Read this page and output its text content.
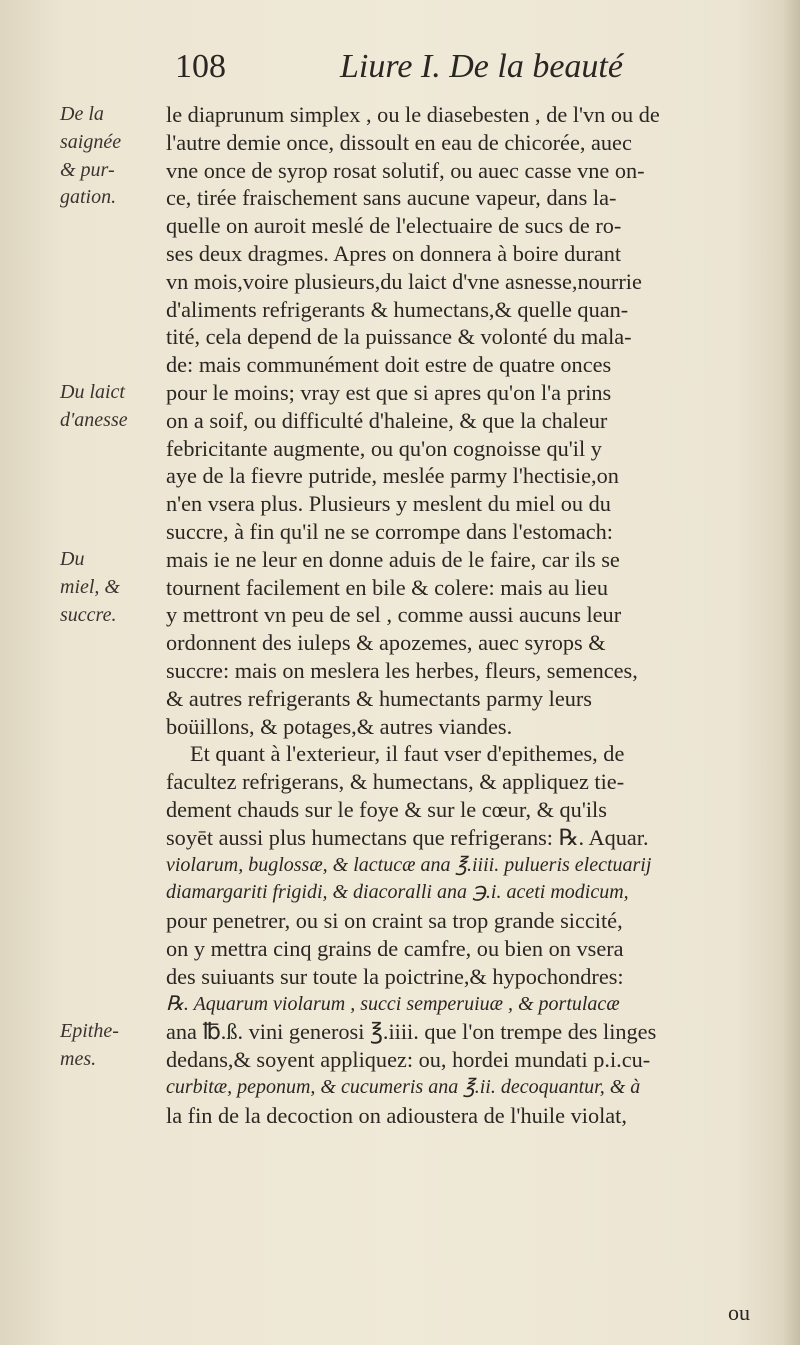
108	Liure I. De la beauté
De la
saignée
& pur-
gation.
Du laict
d'anesse
Du
miel, &
succre.
Epithe-
mes.
le diaprunum simplex , ou le diasebesten , de l'vn ou de
l'autre demie once, dissoult en eau de chicorée, auec
vne once de syrop rosat solutif, ou auec casse vne on-
ce, tirée fraischement sans aucune vapeur, dans la-
quelle on auroit meslé de l'electuaire de sucs de ro-
ses deux dragmes. Apres on donnera à boire durant
vn mois,voire plusieurs,du laict d'vne asnesse,nourrie
d'aliments refrigerants & humectans,& quelle quan-
tité, cela depend de la puissance & volonté du mala-
de: mais communément doit estre de quatre onces
pour le moins; vray est que si apres qu'on l'a prins
on a soif, ou difficulté d'haleine, & que la chaleur
febricitante augmente, ou qu'on cognoisse qu'il y
aye de la fievre putride, meslée parmy l'hectisie,on
n'en vsera plus. Plusieurs y meslent du miel ou du
succre, à fin qu'il ne se corrompe dans l'estomach:
mais ie ne leur en donne aduis de le faire, car ils se
tournent facilement en bile & colere: mais au lieu
y mettront vn peu de sel , comme aussi aucuns leur
ordonnent des iuleps & apozemes, auec syrops &
succre: mais on meslera les herbes, fleurs, semences,
& autres refrigerants & humectants parmy leurs
boüillons, & potages,& autres viandes.
Et quant à l'exterieur, il faut vser d'epithemes, de
facultez refrigerans, & humectans, & appliquez tie-
dement chauds sur le foye & sur le cœur, & qu'ils
soyēt aussi plus humectans que refrigerans: ℞. Aquar.
violarum, buglossæ, & lactucæ ana ℥.iiii. pulueris electuarij
diamargariti frigidi, & diacoralli ana ℈.i. aceti modicum,
pour penetrer, ou si on craint sa trop grande siccité,
on y mettra cinq grains de camfre, ou bien on vsera
des suiuants sur toute la poictrine,& hypochondres:
℞. Aquarum violarum , succi semperuiuæ , & portulacæ
ana ℔.ß. vini generosi ℥.iiii. que l'on trempe des linges
dedans,& soyent appliquez: ou, hordei mundati p.i.cu-
curbitæ, peponum, & cucumeris ana ℥.ii. decoquantur, & à
la fin de la decoction on adioustera de l'huile violat,
ou
